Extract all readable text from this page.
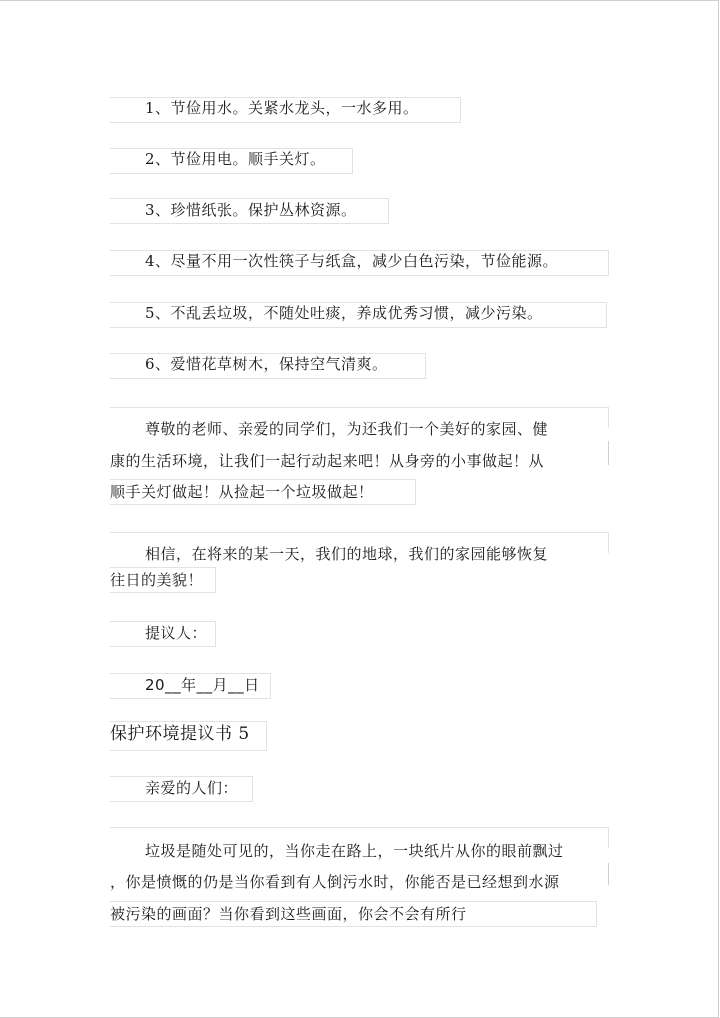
1、节俭用水。关紧水龙头，一水多用。
2、节俭用电。顺手关灯。
3、珍惜纸张。保护丛林资源。
4、尽量不用一次性筷子与纸盒，减少白色污染，节俭能源。
5、不乱丢垃圾，不随处吐痰，养成优秀习惯，减少污染。
6、爱惜花草树木，保持空气清爽。
尊敬的老师、亲爱的同学们，为还我们一个美好的家园、健
康的生活环境，让我们一起行动起来吧！从身旁的小事做起！从
顺手关灯做起！从捡起一个垃圾做起！
相信，在将来的某一天，我们的地球，我们的家园能够恢复
往日的美貌！
提议人：
20__年__月__日
保护环境提议书 5
亲爱的人们：
垃圾是随处可见的，当你走在路上，一块纸片从你的眼前飘过
，你是愤慨的仍是当你看到有人倒污水时，你能否是已经想到水源
被污染的画面？当你看到这些画面，你会不会有所行
